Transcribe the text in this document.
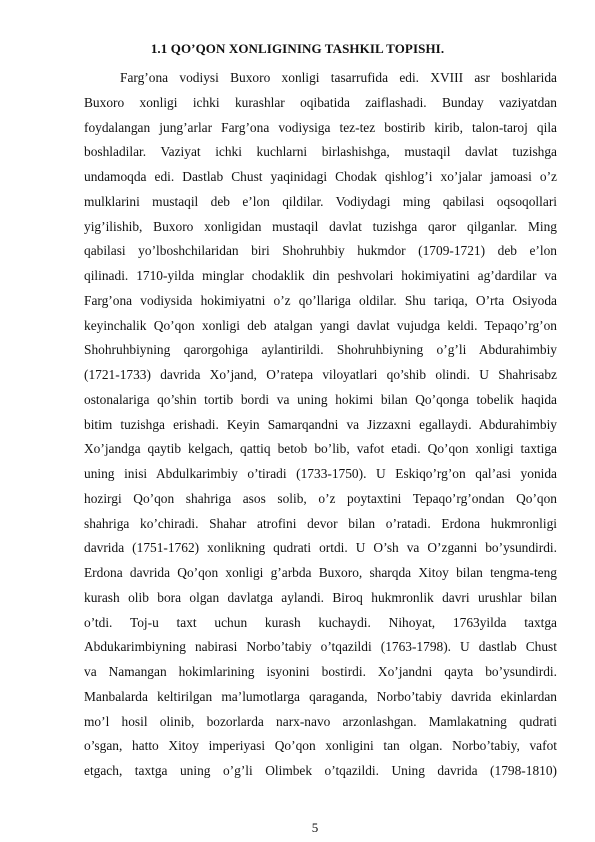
1.1 QO’QON XONLIGINING TASHKIL TOPISHI.
Farg’ona vodiysi Buxoro xonligi tasarrufida edi. XVIII asr boshlarida
Buxoro xonligi ichki kurashlar oqibatida zaiflashadi. Bunday vaziyatdan
foydalangan jung’arlar Farg’ona vodiysiga tez-tez bostirib kirib, talon-taroj qila
boshladilar. Vaziyat ichki kuchlarni birlashishga, mustaqil davlat tuzishga
undamoqda edi. Dastlab Chust yaqinidagi Chodak qishlog’i xo’jalar jamoasi o’z
mulklarini mustaqil deb e’lon qildilar. Vodiydagi ming qabilasi oqsoqollari
yig’ilishib, Buxoro xonligidan mustaqil davlat tuzishga qaror qilganlar. Ming
qabilasi yo’lboshchilaridan biri Shohruhbiy hukmdor (1709-1721) deb e’lon
qilinadi. 1710-yilda minglar chodaklik din peshvolari hokimiyatini ag’dardilar va
Farg’ona vodiysida hokimiyatni o’z qo’llariga oldilar. Shu tariqa, O’rta Osiyoda
keyinchalik Qo’qon xonligi deb atalgan yangi davlat vujudga keldi. Tepaqo’rg’on
Shohruhbiyning qarorgohiga aylantirildi. Shohruhbiyning o’g’li Abdurahimbiy
(1721-1733) davrida Xo’jand, O’ratepa viloyatlari qo’shib olindi. U Shahrisabz
ostonalariga qo’shin tortib bordi va uning hokimi bilan Qo’qonga tobelik haqida
bitim tuzishga erishadi. Keyin Samarqandni va Jizzaxni egallaydi. Abdurahimbiy
Xo’jandga qaytib kelgach, qattiq betob bo’lib, vafot etadi. Qo’qon xonligi taxtiga
uning inisi Abdulkarimbiy o’tiradi (1733-1750). U Eskiqo’rg’on qal’asi yonida
hozirgi Qo’qon shahriga asos solib, o’z poytaxtini Tepaqo’rg’ondan Qo’qon
shahriga ko’chiradi. Shahar atrofini devor bilan o’ratadi. Erdona hukmronligi
davrida (1751-1762) xonlikning qudrati ortdi. U O’sh va O’zganni bo’ysundirdi.
Erdona davrida Qo’qon xonligi g’arbda Buxoro, sharqda Xitoy bilan tengma-teng
kurash olib bora olgan davlatga aylandi. Biroq hukmronlik davri urushlar bilan
o’tdi. Toj-u taxt uchun kurash kuchaydi. Nihoyat, 1763yilda taxtga
Abdukarimbiyning nabirasi Norbo’tabiy o’tqazildi (1763-1798). U dastlab Chust
va Namangan hokimlarining isyonini bostirdi. Xo’jandni qayta bo’ysundirdi.
Manbalarda keltirilgan ma’lumotlarga qaraganda, Norbo’tabiy davrida ekinlardan
mo’l hosil olinib, bozorlarda narx-navo arzonlashgan. Mamlakatning qudrati
o’sgan, hatto Xitoy imperiyasi Qo’qon xonligini tan olgan. Norbo’tabiy, vafot
etgach, taxtga uning o’g’li Olimbek o’tqazildi. Uning davrida (1798-1810)
5
